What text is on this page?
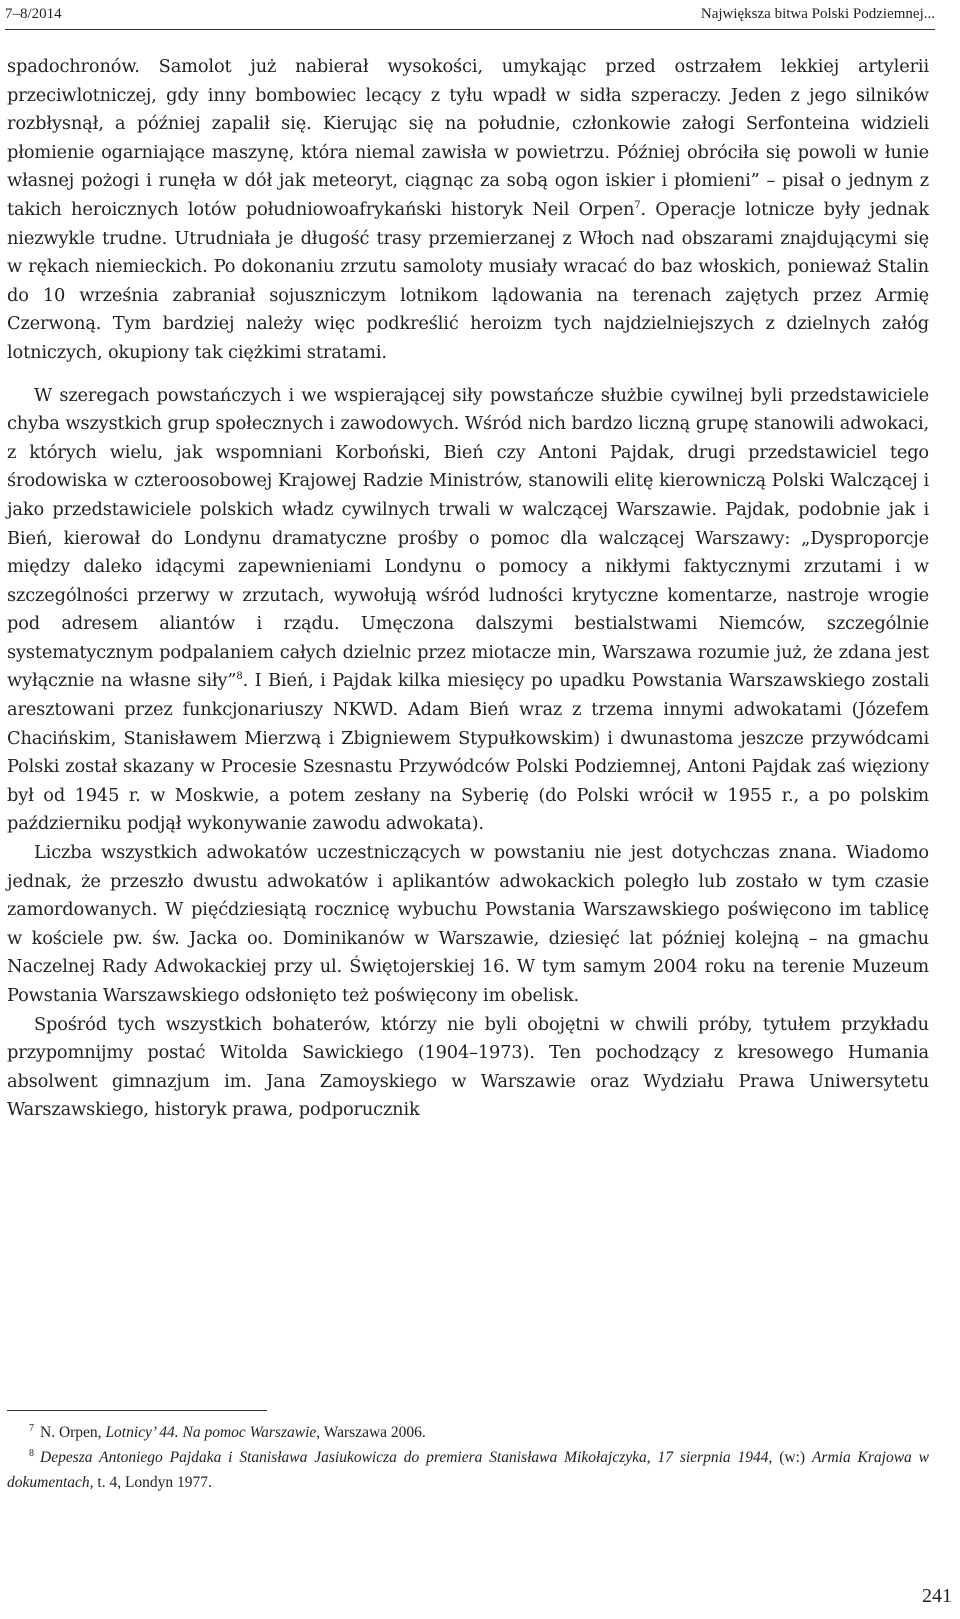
7–8/2014	Największa bitwa Polski Podziemnej...

spadochronów. Samolot już nabierał wysokości, umykając przed ostrzałem lekkiej artylerii przeciwlotniczej, gdy inny bombowiec lecący z tyłu wpadł w sidła szperaczy. Jeden z jego silników rozbłysnął, a później zapalił się. Kierując się na południe, członkowie załogi Serfonteina widzieli płomienie ogarniające maszynę, która niemal zawisła w powietrzu. Później obróciła się powoli w łunie własnej pożogi i runęła w dół jak meteoryt, ciągnąc za sobą ogon iskier i płomieni” – pisał o jednym z takich heroicznych lotów południowoafrykański historyk Neil Orpen$^7$. Operacje lotnicze były jednak niezwykle trudne. Utrudniała je długość trasy przemierzanej z Włoch nad obszarami znajdującymi się w rękach niemieckich. Po dokonaniu zrzutu samoloty musiały wracać do baz włoskich, ponieważ Stalin do 10 września zabraniał sojuszniczym lotnikom lądowania na terenach zajętych przez Armię Czerwoną. Tym bardziej należy więc podkreślić heroizm tych najdzielniejszych z dzielnych załóg lotniczych, okupiony tak ciężkimi stratami.

W szeregach powstańczych i we wspierającej siły powstańcze służbie cywilnej byli przedstawiciele chyba wszystkich grup społecznych i zawodowych. Wśród nich bardzo liczną grupę stanowili adwokaci, z których wielu, jak wspomniani Korboński, Bień czy Antoni Pajdak, drugi przedstawiciel tego środowiska w czteroosobowej Krajowej Radzie Ministrów, stanowili elitę kierowniczą Polski Walczącej i jako przedstawiciele polskich władz cywilnych trwali w walczącej Warszawie. Pajdak, podobnie jak i Bień, kierował do Londynu dramatyczne prośby o pomoc dla walczącej Warszawy: „Dysproporcje między daleko idącymi zapewnieniami Londynu o pomocy a nikłymi faktycznymi zrzutami i w szczególności przerwy w zrzutach, wywołują wśród ludności krytyczne komentarze, nastroje wrogie pod adresem aliantów i rządu. Umęczona dalszymi bestialstwami Niemców, szczególnie systematycznym podpalaniem całych dzielnic przez miotacze min, Warszawa rozumie już, że zdana jest wyłącznie na własne siły”$^8$. I Bień, i Pajdak kilka miesięcy po upadku Powstania Warszawskiego zostali aresztowani przez funkcjonariuszy NKWD. Adam Bień wraz z trzema innymi adwokatami (Józefem Chacińskim, Stanisławem Mierzwą i Zbigniewem Stypułkowskim) i dwunastoma jeszcze przywódcami Polski został skazany w Procesie Szesnastu Przywódców Polski Podziemnej, Antoni Pajdak zaś więziony był od 1945 r. w Moskwie, a potem zesłany na Syberię (do Polski wrócił w 1955 r., a po polskim październiku podjął wykonywanie zawodu adwokata).

Liczba wszystkich adwokatów uczestniczących w powstaniu nie jest dotychczas znana. Wiadomo jednak, że przeszło dwustu adwokatów i aplikantów adwokackich poległo lub zostało w tym czasie zamordowanych. W pięćdziesiątą rocznicę wybuchu Powstania Warszawskiego poświęcono im tablicę w kościele pw. św. Jacka oo. Dominikanów w Warszawie, dziesięć lat później kolejną – na gmachu Naczelnej Rady Adwokackiej przy ul. Świętojerskiej 16. W tym samym 2004 roku na terenie Muzeum Powstania Warszawskiego odsłonięto też poświęcony im obelisk.

Spośród tych wszystkich bohaterów, którzy nie byli obojętni w chwili próby, tytułem przykładu przypomnijmy postać Witolda Sawickiego (1904–1973). Ten pochodzący z kresowego Humania absolwent gimnazjum im. Jana Zamoyskiego w Warszawie oraz Wydziału Prawa Uniwersytetu Warszawskiego, historyk prawa, podporucznik

$^7$ N. Orpen, Lotnicy’ 44. Na pomoc Warszawie, Warszawa 2006.

$^8$ Depesza Antoniego Pajdaka i Stanisława Jasiukowicza do premiera Stanisława Mikołajczyka, 17 sierpnia 1944, (w:) Armia Krajowa w dokumentach, t. 4, Londyn 1977.

241
